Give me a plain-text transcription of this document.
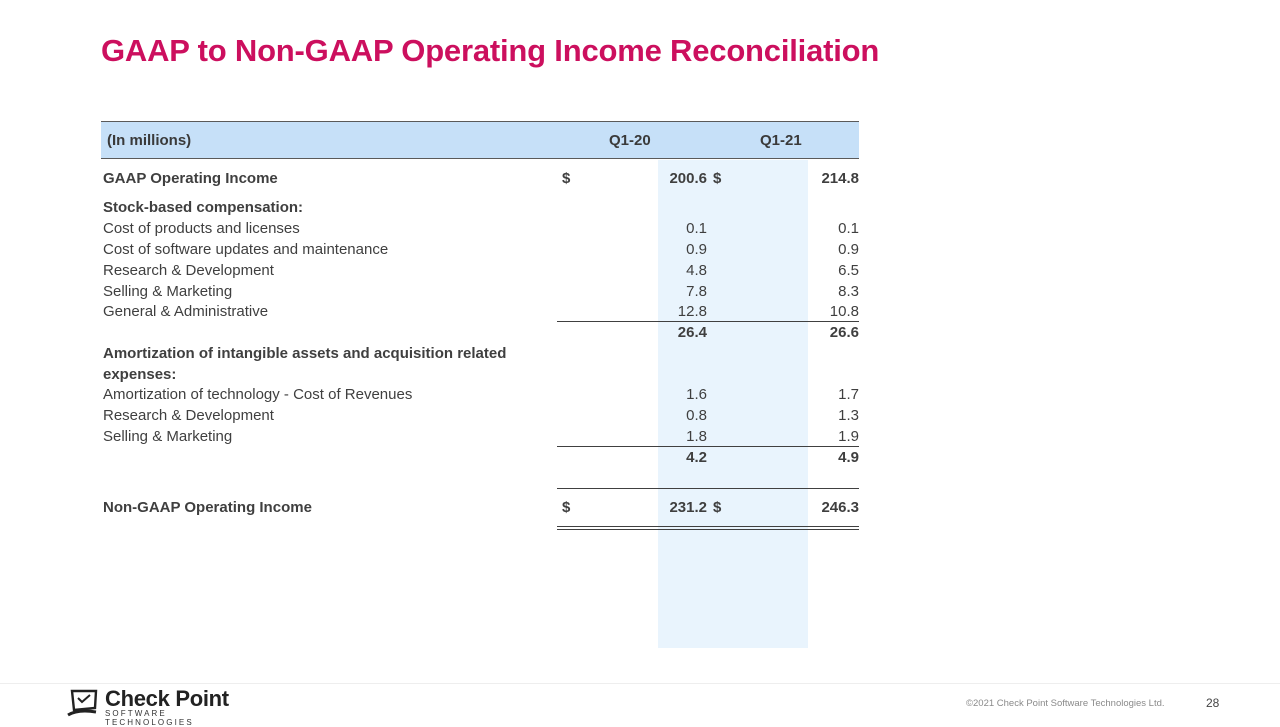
GAAP to Non-GAAP Operating Income Reconciliation
(In millions)	Q1-20	Q1-21
GAAP Operating Income	$	200.6 $	214.8
Stock-based compensation:
Cost of products and licenses	0.1	0.1
Cost of software updates and maintenance	0.9	0.9
Research & Development	4.8	6.5
Selling & Marketing	7.8	8.3
General & Administrative	12.8	10.8
26.4	26.6
Amortization of intangible assets and acquisition related
expenses:
Amortization of technology - Cost of Revenues	1.6	1.7
Research & Development	0.8	1.3
Selling & Marketing	1.8	1.9
4.2	4.9
Non-GAAP Operating Income	$	231.2 $	246.3
Check Point
SOFTWARE TECHNOLOGIES
©2021 Check Point Software Technologies Ltd.	28
